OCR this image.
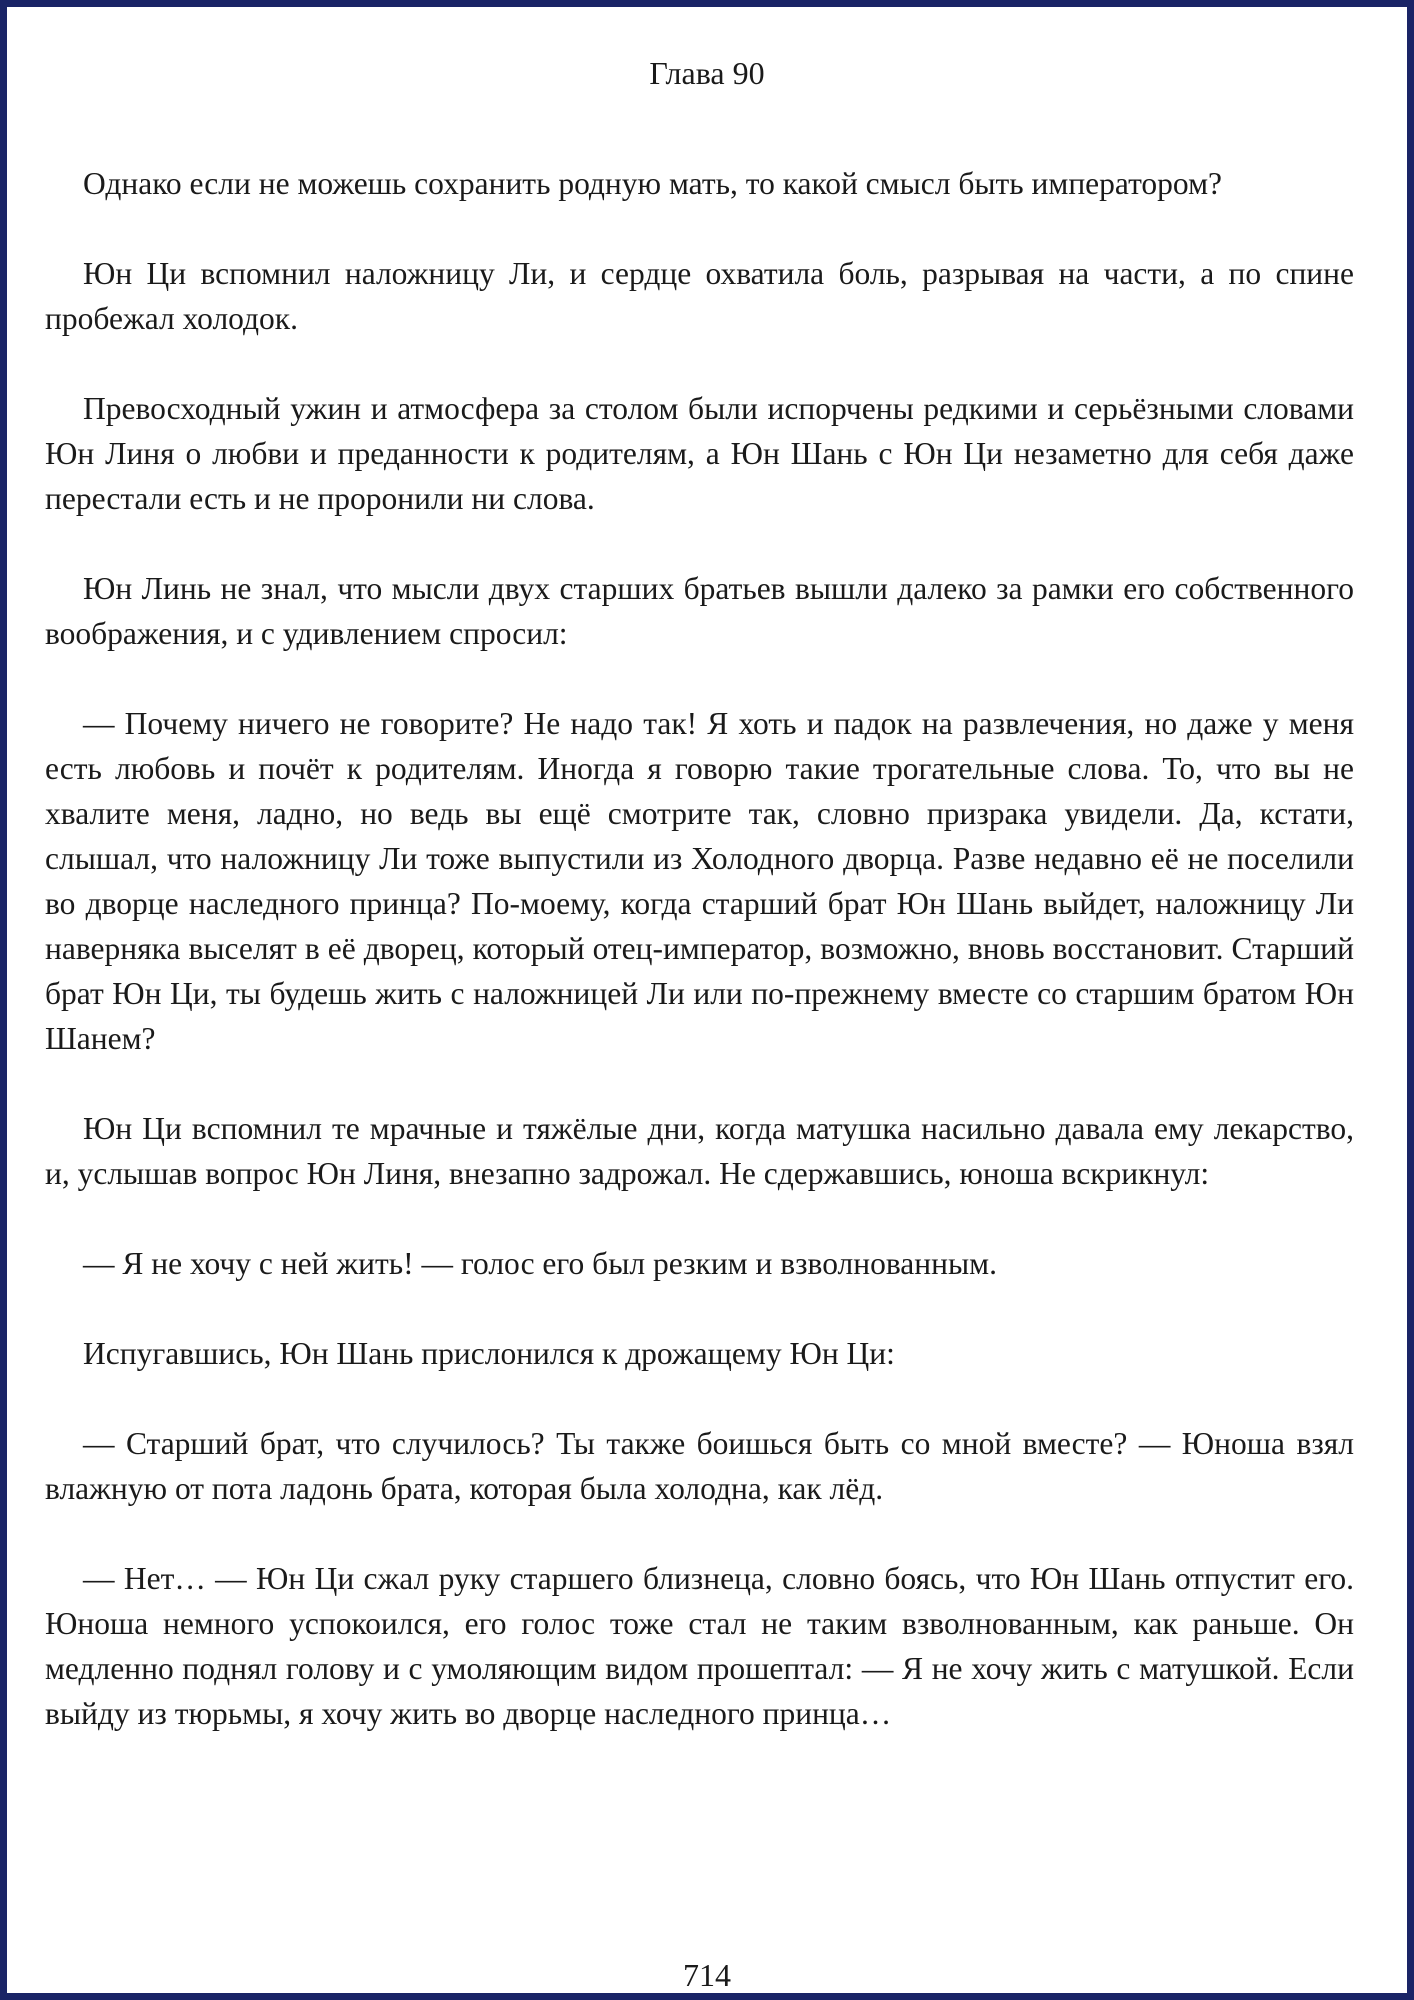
Глава 90

Однако если не можешь сохранить родную мать, то какой смысл быть императором?

Юн Ци вспомнил наложницу Ли, и сердце охватила боль, разрывая на части, а по спине пробежал холодок.

Превосходный ужин и атмосфера за столом были испорчены редкими и серьёзными словами Юн Линя о любви и преданности к родителям, а Юн Шань с Юн Ци незаметно для себя даже перестали есть и не проронили ни слова.

Юн Линь не знал, что мысли двух старших братьев вышли далеко за рамки его собственного воображения, и с удивлением спросил:

— Почему ничего не говорите? Не надо так! Я хоть и падок на развлечения, но даже у меня есть любовь и почёт к родителям. Иногда я говорю такие трогательные слова. То, что вы не хвалите меня, ладно, но ведь вы ещё смотрите так, словно призрака увидели. Да, кстати, слышал, что наложницу Ли тоже выпустили из Холодного дворца. Разве недавно её не поселили во дворце наследного принца? По-моему, когда старший брат Юн Шань выйдет, наложницу Ли наверняка выселят в её дворец, который отец-император, возможно, вновь восстановит. Старший брат Юн Ци, ты будешь жить с наложницей Ли или по-прежнему вместе со старшим братом Юн Шанем?

Юн Ци вспомнил те мрачные и тяжёлые дни, когда матушка насильно давала ему лекарство, и, услышав вопрос Юн Линя, внезапно задрожал. Не сдержавшись, юноша вскрикнул:

— Я не хочу с ней жить! — голос его был резким и взволнованным.

Испугавшись, Юн Шань прислонился к дрожащему Юн Ци:

— Старший брат, что случилось? Ты также боишься быть со мной вместе? — Юноша взял влажную от пота ладонь брата, которая была холодна, как лёд.

— Нет… — Юн Ци сжал руку старшего близнеца, словно боясь, что Юн Шань отпустит его. Юноша немного успокоился, его голос тоже стал не таким взволнованным, как раньше. Он медленно поднял голову и с умоляющим видом прошептал: — Я не хочу жить с матушкой. Если выйду из тюрьмы, я хочу жить во дворце наследного принца…

714
